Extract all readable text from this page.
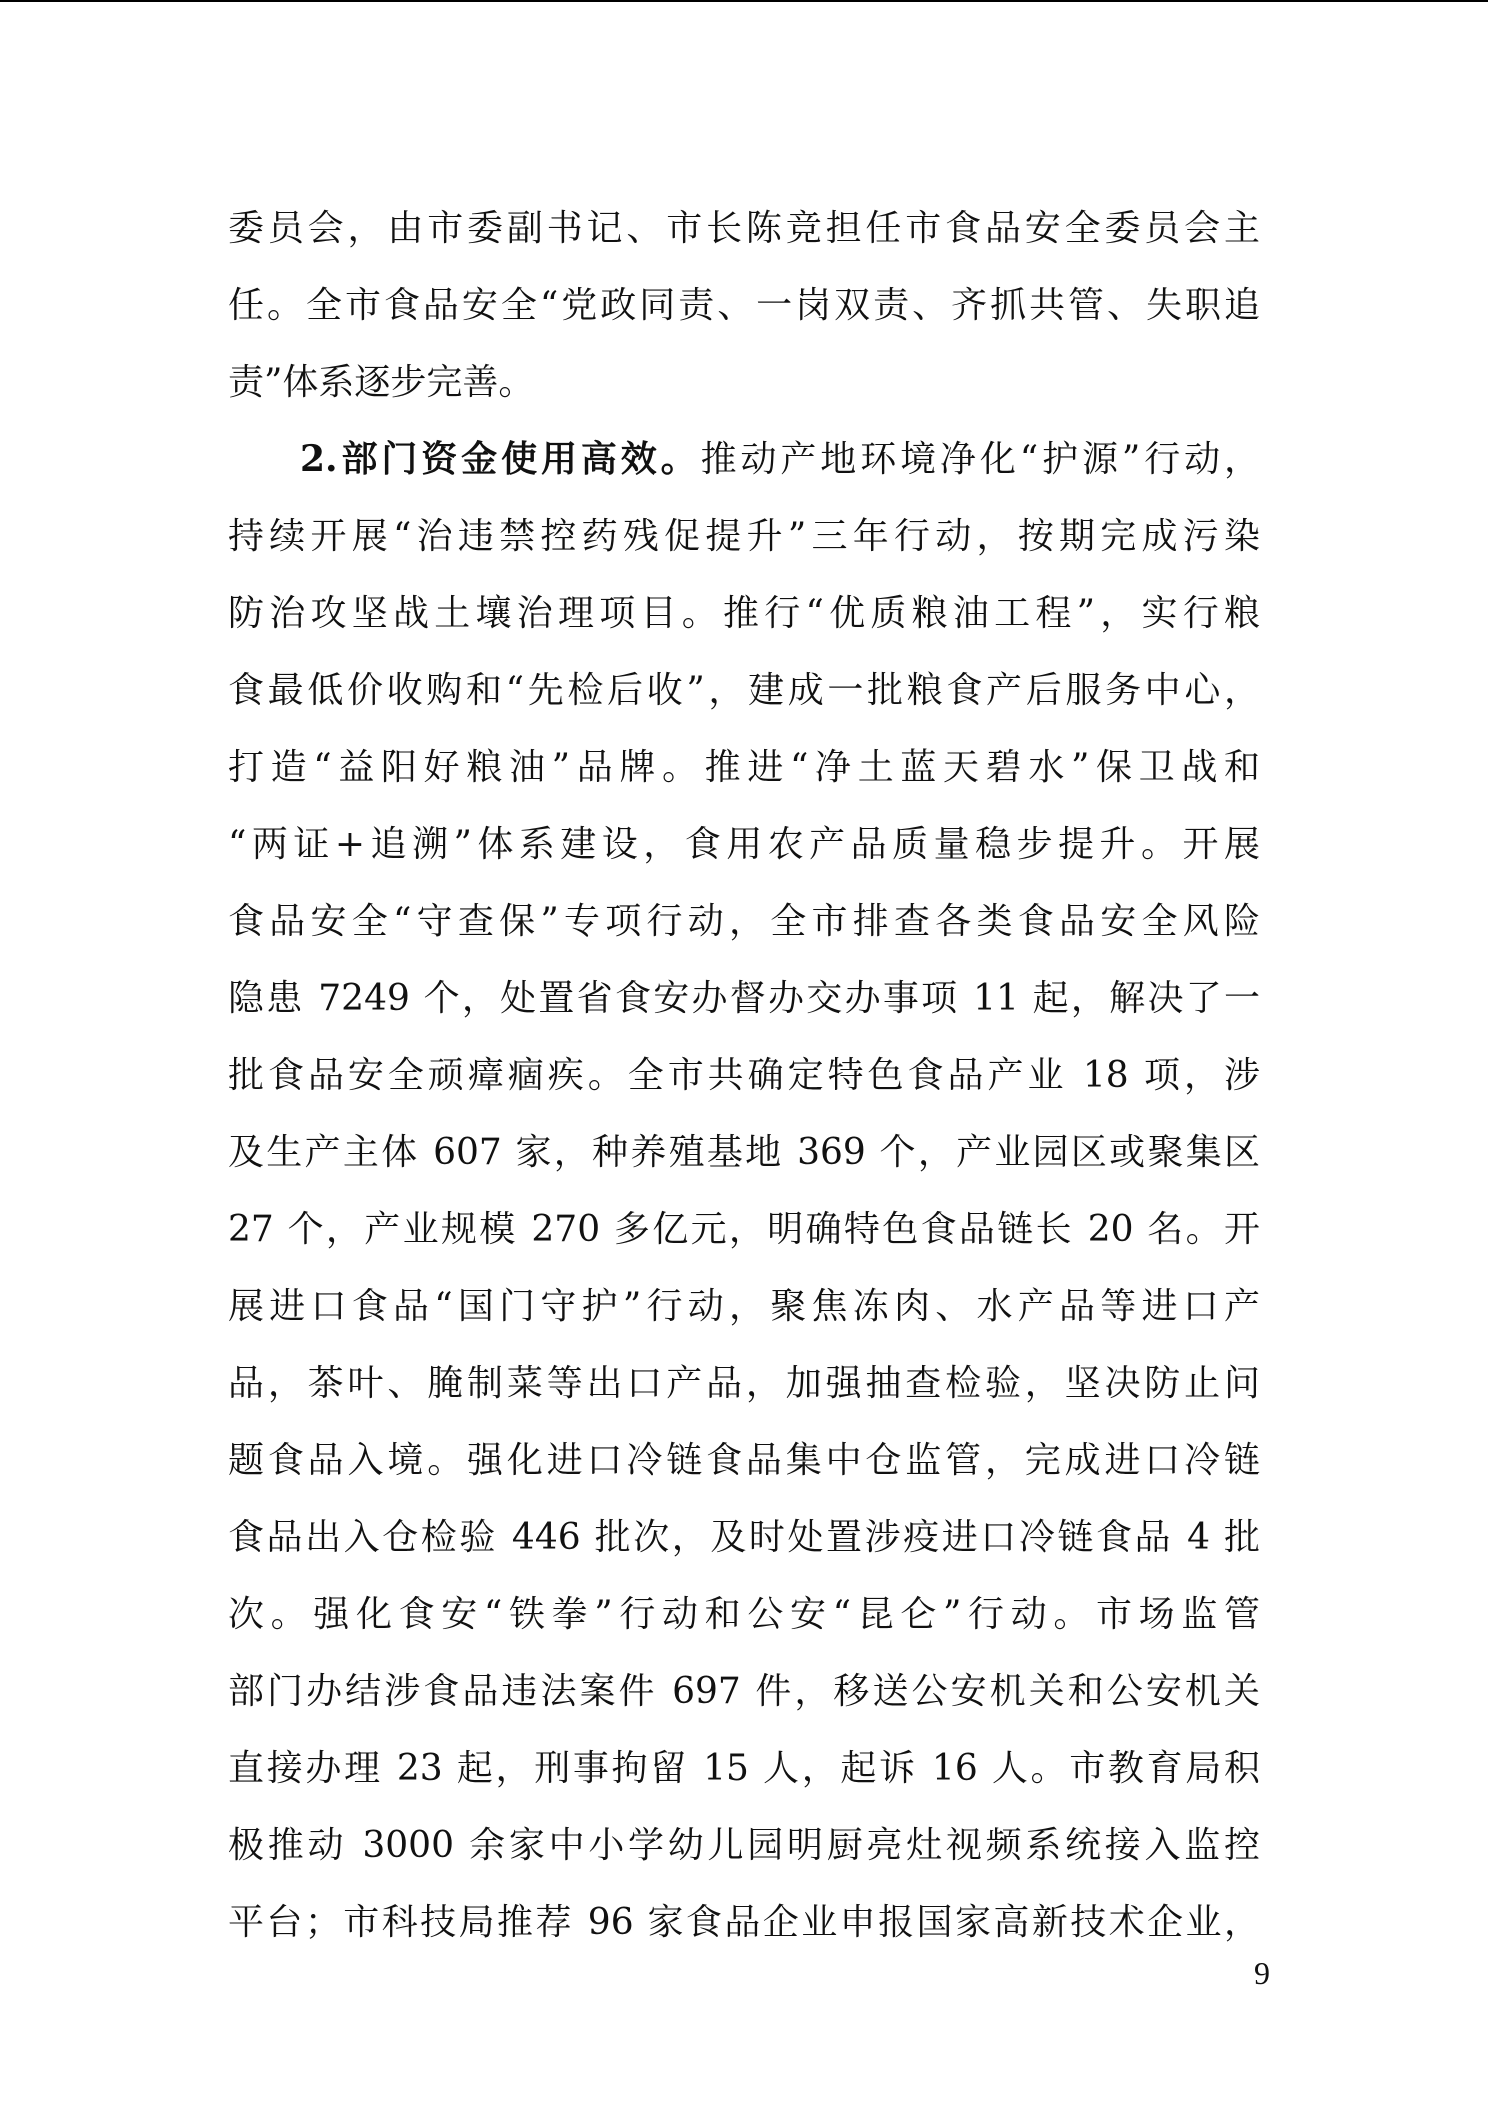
委员会，由市委副书记、市长陈竞担任市食品安全委员会主
任。全市食品安全“党政同责、一岗双责、齐抓共管、失职追
责”体系逐步完善。
2.部门资金使用高效。推动产地环境净化“护源”行动，
持续开展“治违禁控药残促提升”三年行动，按期完成污染
防治攻坚战土壤治理项目。推行“优质粮油工程”，实行粮
食最低价收购和“先检后收”，建成一批粮食产后服务中心，
打造“益阳好粮油”品牌。推进“净土蓝天碧水”保卫战和
“两证+追溯”体系建设，食用农产品质量稳步提升。开展
食品安全“守查保”专项行动，全市排查各类食品安全风险
隐患 7249 个，处置省食安办督办交办事项 11 起，解决了一
批食品安全顽瘴痼疾。全市共确定特色食品产业 18 项，涉
及生产主体 607 家，种养殖基地 369 个，产业园区或聚集区
27 个，产业规模 270 多亿元，明确特色食品链长 20 名。开
展进口食品“国门守护”行动，聚焦冻肉、水产品等进口产
品，茶叶、腌制菜等出口产品，加强抽查检验，坚决防止问
题食品入境。强化进口冷链食品集中仓监管，完成进口冷链
食品出入仓检验 446 批次，及时处置涉疫进口冷链食品 4 批
次。强化食安“铁拳”行动和公安“昆仑”行动。市场监管
部门办结涉食品违法案件 697 件，移送公安机关和公安机关
直接办理 23 起，刑事拘留 15 人，起诉 16 人。市教育局积
极推动 3000 余家中小学幼儿园明厨亮灶视频系统接入监控
平台；市科技局推荐 96 家食品企业申报国家高新技术企业，
9
